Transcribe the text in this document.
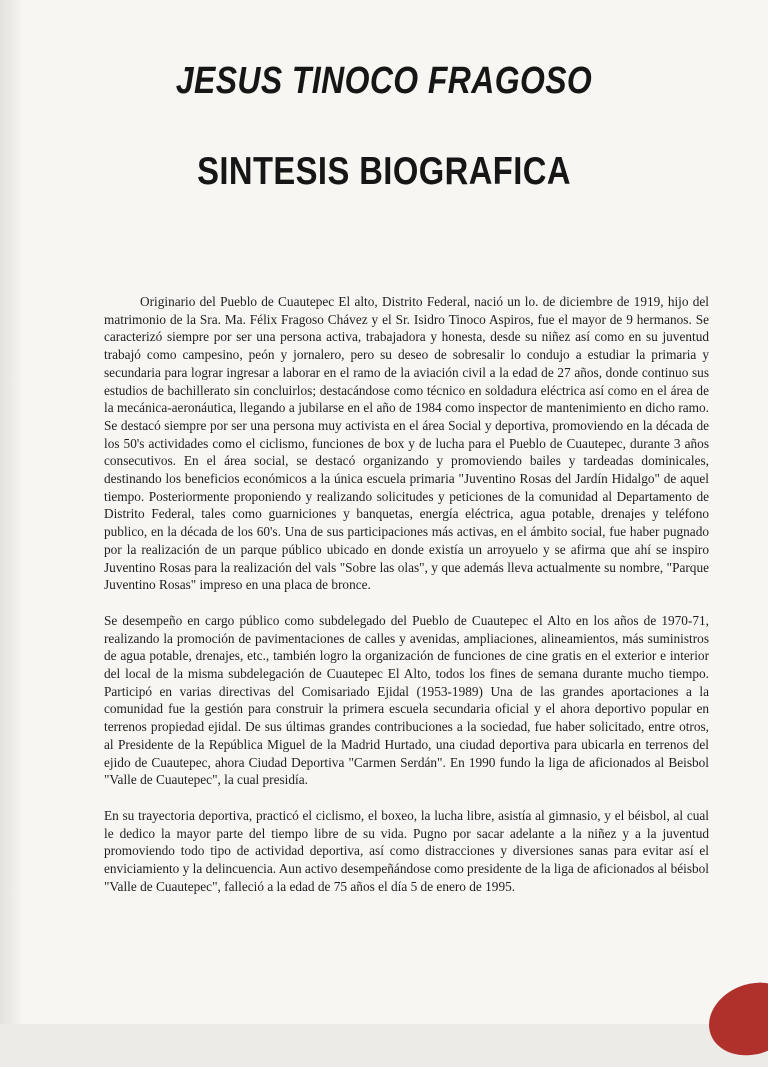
JESUS TINOCO FRAGOSO
SINTESIS BIOGRAFICA

Originario del Pueblo de Cuautepec El alto, Distrito Federal, nació un lo. de diciembre de 1919, hijo del matrimonio de la Sra. Ma. Félix Fragoso Chávez y el Sr. Isidro Tinoco Aspiros, fue el mayor de 9 hermanos. Se caracterizó siempre por ser una persona activa, trabajadora y honesta, desde su niñez así como en su juventud trabajó como campesino, peón y jornalero, pero su deseo de sobresalir lo condujo a estudiar la primaria y secundaria para lograr ingresar a laborar en el ramo de la aviación civil a la edad de 27 años, donde continuo sus estudios de bachillerato sin concluirlos; destacándose como técnico en soldadura eléctrica así como en el área de la mecánica-aeronáutica, llegando a jubilarse en el año de 1984 como inspector de mantenimiento en dicho ramo. Se destacó siempre por ser una persona muy activista en el área Social y deportiva, promoviendo en la década de los 50's actividades como el ciclismo, funciones de box y de lucha para el Pueblo de Cuautepec, durante 3 años consecutivos. En el área social, se destacó organizando y promoviendo bailes y tardeadas dominicales, destinando los beneficios económicos a la única escuela primaria "Juventino Rosas del Jardín Hidalgo" de aquel tiempo. Posteriormente proponiendo y realizando solicitudes y peticiones de la comunidad al Departamento de Distrito Federal, tales como guarniciones y banquetas, energía eléctrica, agua potable, drenajes y teléfono publico, en la década de los 60's. Una de sus participaciones más activas, en el ámbito social, fue haber pugnado por la realización de un parque público ubicado en donde existía un arroyuelo y se afirma que ahí se inspiro Juventino Rosas para la realización del vals "Sobre las olas", y que además lleva actualmente su nombre, "Parque Juventino Rosas" impreso en una placa de bronce.

Se desempeño en cargo público como subdelegado del Pueblo de Cuautepec el Alto en los años de 1970-71, realizando la promoción de pavimentaciones de calles y avenidas, ampliaciones, alineamientos, más suministros de agua potable, drenajes, etc., también logro la organización de funciones de cine gratis en el exterior e interior del local de la misma subdelegación de Cuautepec El Alto, todos los fines de semana durante mucho tiempo. Participó en varias directivas del Comisariado Ejidal (1953-1989) Una de las grandes aportaciones a la comunidad fue la gestión para construir la primera escuela secundaria oficial y el ahora deportivo popular en terrenos propiedad ejidal. De sus últimas grandes contribuciones a la sociedad, fue haber solicitado, entre otros, al Presidente de la República Miguel de la Madrid Hurtado, una ciudad deportiva para ubicarla en terrenos del ejido de Cuautepec, ahora Ciudad Deportiva "Carmen Serdán". En 1990 fundo la liga de aficionados al Beisbol "Valle de Cuautepec", la cual presidía.

En su trayectoria deportiva, practicó el ciclismo, el boxeo, la lucha libre, asistía al gimnasio, y el béisbol, al cual le dedico la mayor parte del tiempo libre de su vida. Pugno por sacar adelante a la niñez y a la juventud promoviendo todo tipo de actividad deportiva, así como distracciones y diversiones sanas para evitar así el enviciamiento y la delincuencia. Aun activo desempeñándose como presidente de la liga de aficionados al béisbol "Valle de Cuautepec", falleció a la edad de 75 años el día 5 de enero de 1995.
